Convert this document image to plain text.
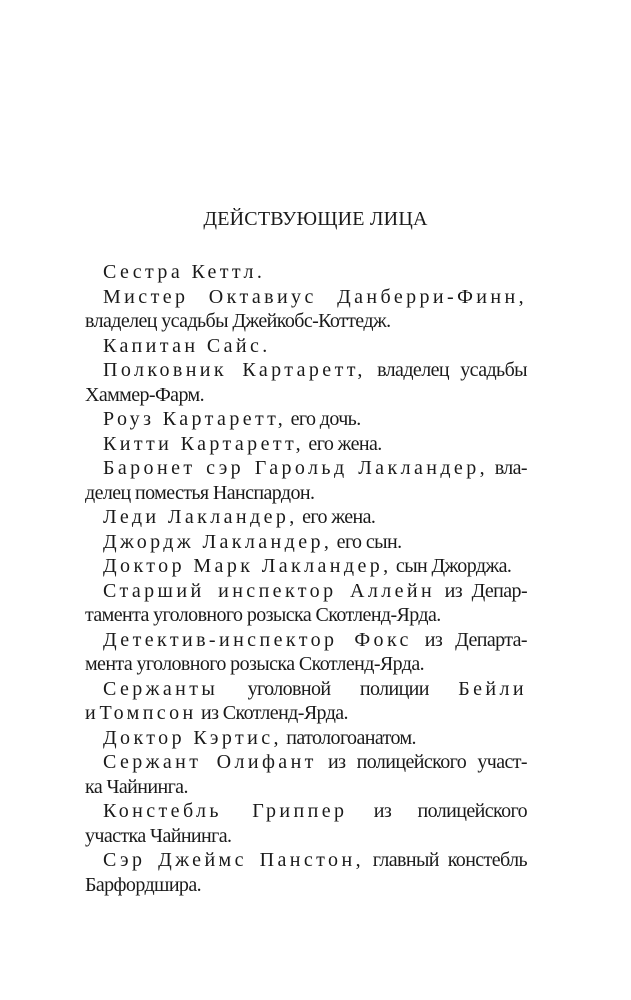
ДЕЙСТВУЮЩИЕ ЛИЦА
Сестра Кеттл.
Мистер Октавиус Данберри-Финн,
владелец усадьбы Джейкобс-Коттедж.
Капитан Сайс.
Полковник Картаретт, владелец усадьбы
Хаммер-Фарм.
Роуз Картаретт, его дочь.
Китти Картаретт, его жена.
Баронет сэр Гарольд Лакландер, вла-
делец поместья Нанспардон.
Леди Лакландер, его жена.
Джордж Лакландер, его сын.
Доктор Марк Лакландер, сын Джорджа.
Старший инспектор Аллейн из Депар-
тамента уголовного розыска Скотленд-Ярда.
Детектив-инспектор Фокс из Департа-
мента уголовного розыска Скотленд-Ярда.
Сержанты уголовной полиции Бейли
и Томпсон из Скотленд-Ярда.
Доктор Кэртис, патологоанатом.
Сержант Олифант из полицейского участ-
ка Чайнинга.
Констебль Гриппер из полицейского
участка Чайнинга.
Сэр Джеймс Панстон, главный констебль
Барфордшира.
